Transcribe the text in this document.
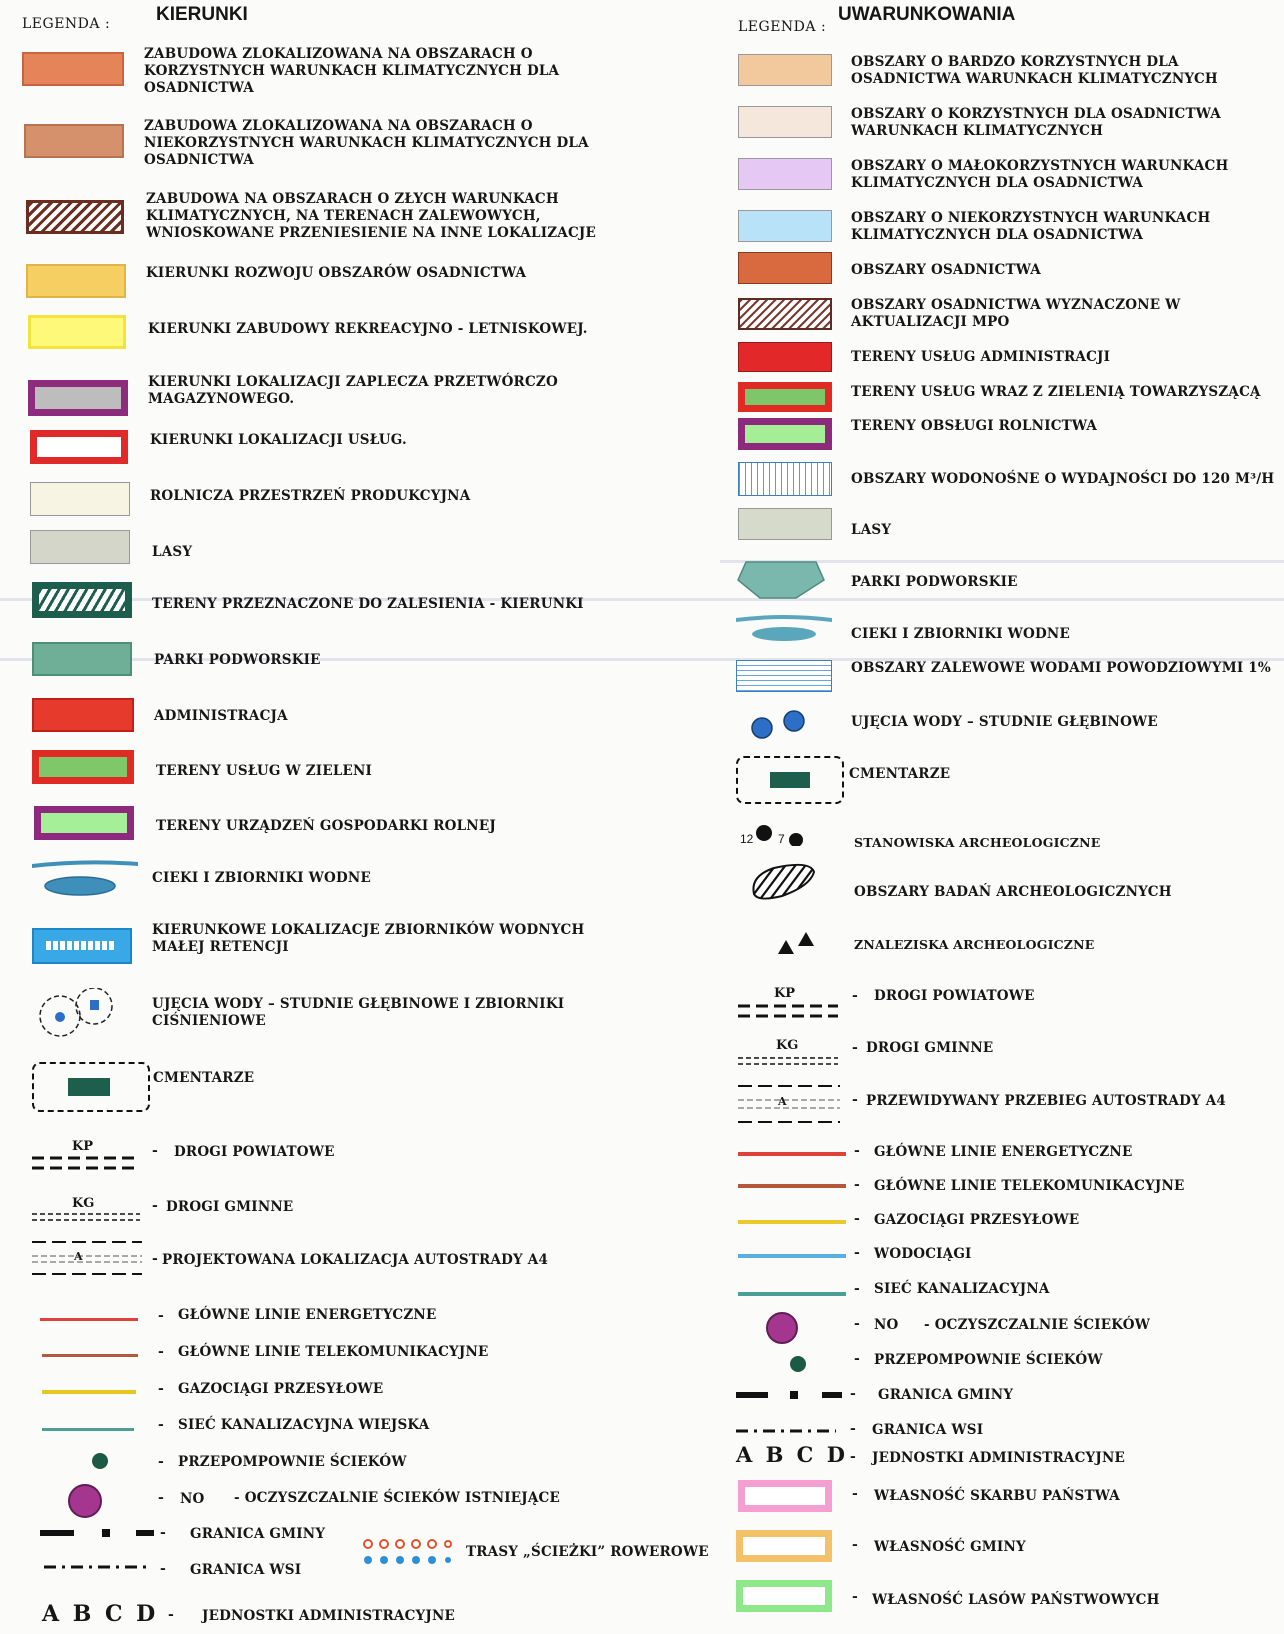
LEGENDA : KIERUNKI
ZABUDOWA ZLOKALIZOWANA NA OBSZARACH O KORZYSTNYCH WARUNKACH KLIMATYCZNYCH DLA OSADNICTWA
ZABUDOWA ZLOKALIZOWANA NA OBSZARACH O NIEKORZYSTNYCH WARUNKACH KLIMATYCZNYCH DLA OSADNICTWA
ZABUDOWA NA OBSZARACH O ZŁYCH WARUNKACH KLIMATYCZNYCH, NA TERENACH ZALEWOWYCH, WNIOSKOWANE PRZENIESIENIE NA INNE LOKALIZACJE
KIERUNKI ROZWOJU OBSZARÓW OSADNICTWA
KIERUNKI ZABUDOWY REKREACYJNO - LETNISKOWEJ.
KIERUNKI LOKALIZACJI ZAPLECZA PRZETWÓRCZO MAGAZYNOWEGO.
KIERUNKI LOKALIZACJI USŁUG.
ROLNICZA PRZESTRZEŃ PRODUKCYJNA
LASY
TERENY PRZEZNACZONE DO ZALESIENIA - KIERUNKI
PARKI PODWORSKIE
ADMINISTRACJA
TERENY USŁUG W ZIELENI
TERENY URZĄDZEŃ GOSPODARKI ROLNEJ
CIEKI I ZBIORNIKI WODNE
KIERUNKOWE LOKALIZACJE ZBIORNIKÓW WODNYCH MAŁEJ RETENCJI
UJĘCIA WODY – STUDNIE GŁĘBINOWE I ZBIORNIKI CIŚNIENIOWE
CMENTARZE
KP	- DROGI POWIATOWE
KG	- DROGI GMINNE
A	- PROJEKTOWANA LOKALIZACJA AUTOSTRADY A4
- GŁÓWNE LINIE ENERGETYCZNE
- GŁÓWNE LINIE TELEKOMUNIKACYJNE
- GAZOCIĄGI PRZESYŁOWE
- SIEĆ KANALIZACYJNA WIEJSKA
- PRZEPOMPOWNIE ŚCIEKÓW
- NO - OCZYSZCZALNIE ŚCIEKÓW ISTNIEJĄCE
- GRANICA GMINY
- GRANICA WSI
A B C D - JEDNOSTKI ADMINISTRACYJNE
TRASY „ŚCIEŻKI” ROWEROWE
LEGENDA :
UWARUNKOWANIA
OBSZARY O BARDZO KORZYSTNYCH DLA OSADNICTWA WARUNKACH KLIMATYCZNYCH
OBSZARY O KORZYSTNYCH DLA OSADNICTWA WARUNKACH KLIMATYCZNYCH
OBSZARY O MAŁOKORZYSTNYCH WARUNKACH KLIMATYCZNYCH DLA OSADNICTWA
OBSZARY O NIEKORZYSTNYCH WARUNKACH KLIMATYCZNYCH DLA OSADNICTWA
OBSZARY OSADNICTWA
OBSZARY OSADNICTWA WYZNACZONE W AKTUALIZACJI MPO
TERENY USŁUG ADMINISTRACJI
TERENY USŁUG WRAZ Z ZIELENIĄ TOWARZYSZĄCĄ
TERENY OBSŁUGI ROLNICTWA
OBSZARY WODONOŚNE O WYDAJNOŚCI DO 120 M³/H
LASY
PARKI PODWORSKIE
CIEKI I ZBIORNIKI WODNE
OBSZARY ZALEWOWE WODAMI POWODZIOWYMI 1%
UJĘCIA WODY – STUDNIE GŁĘBINOWE
CMENTARZE
12 7	STANOWISKA ARCHEOLOGICZNE
OBSZARY BADAŃ ARCHEOLOGICZNYCH
ZNALEZISKA ARCHEOLOGICZNE
KP	- DROGI POWIATOWE
KG	- DROGI GMINNE
A	- PRZEWIDYWANY PRZEBIEG AUTOSTRADY A4
- GŁÓWNE LINIE ENERGETYCZNE
- GŁÓWNE LINIE TELEKOMUNIKACYJNE
- GAZOCIĄGI PRZESYŁOWE
- WODOCIĄGI
- SIEĆ KANALIZACYJNA
- NO - OCZYSZCZALNIE ŚCIEKÓW
- PRZEPOMPOWNIE ŚCIEKÓW
- GRANICA GMINY
- GRANICA WSI
A B C D - JEDNOSTKI ADMINISTRACYJNE
- WŁASNOŚĆ SKARBU PAŃSTWA
- WŁASNOŚĆ GMINY
- WŁASNOŚĆ LASÓW PAŃSTWOWYCH
